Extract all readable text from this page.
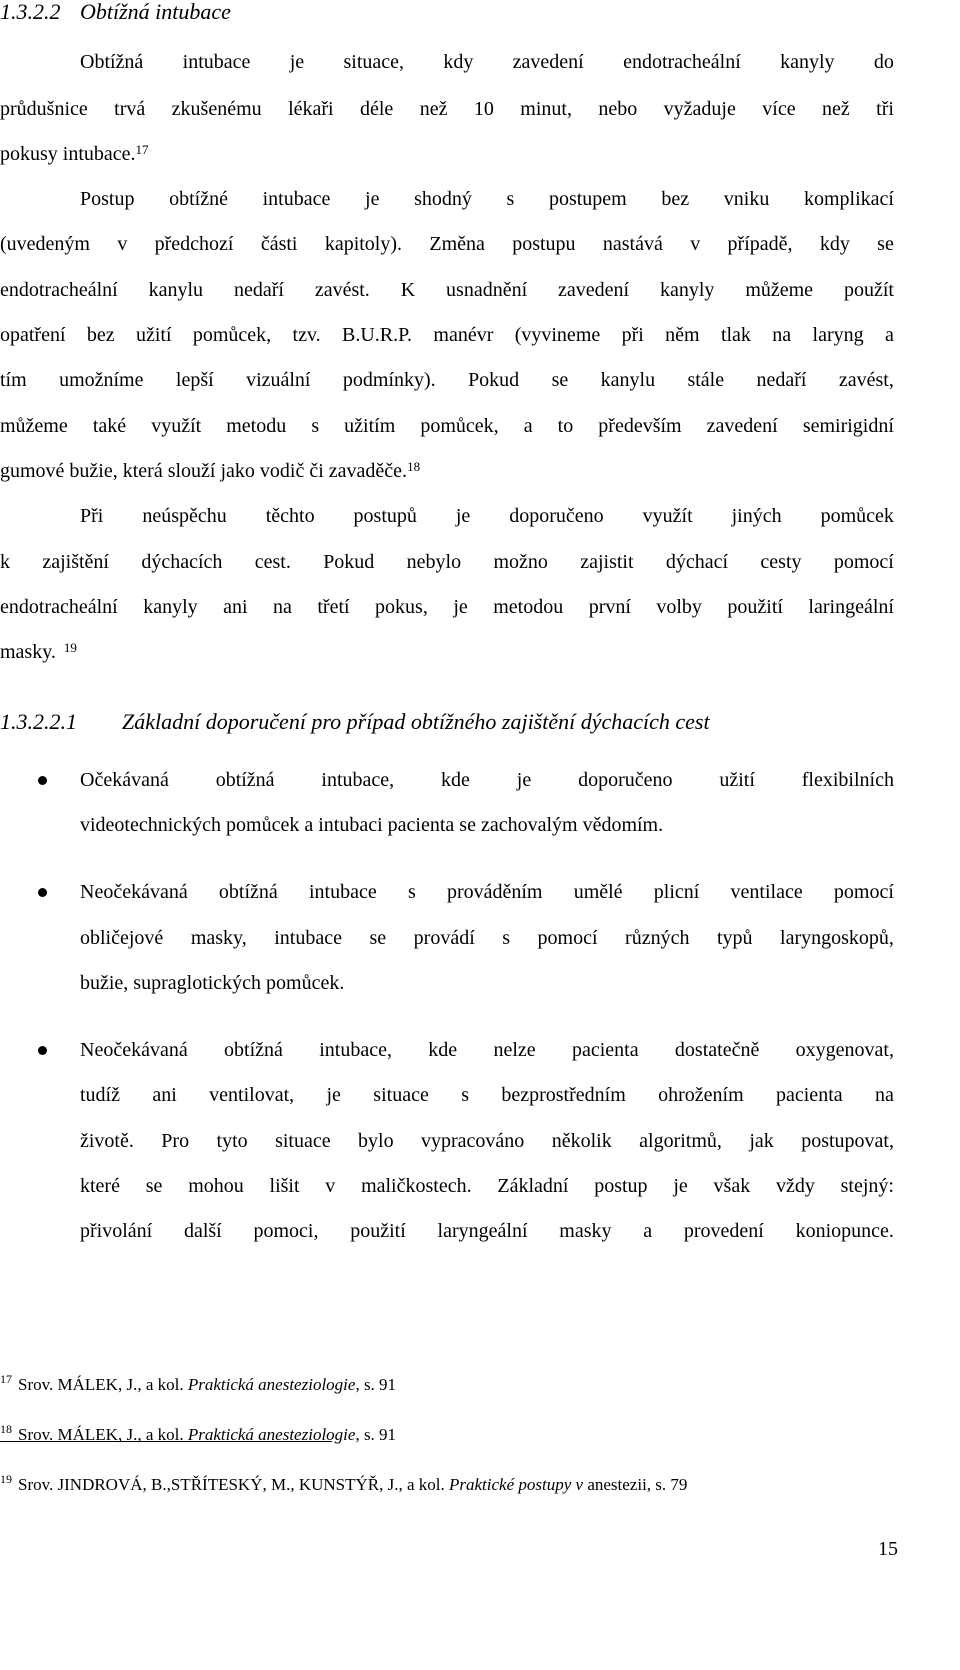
1.3.2.2 Obtížná intubace
Obtížná intubace je situace, kdy zavedení endotracheální kanyly do
průdušnice trvá zkušenému lékaři déle než 10 minut, nebo vyžaduje více než tři
pokusy intubace.$^{17}$
Postup obtížné intubace je shodný s postupem bez vniku komplikací
(uvedeným v předchozí části kapitoly). Změna postupu nastává v případě, kdy se
endotracheální kanylu nedaří zavést. K usnadnění zavedení kanyly můžeme použít
opatření bez užití pomůcek, tzv. B.U.R.P. manévr (vyvineme při něm tlak na laryng a
tím umožníme lepší vizuální podmínky). Pokud se kanylu stále nedaří zavést,
můžeme také využít metodu s užitím pomůcek, a to především zavedení semirigidní
gumové bužie, která slouží jako vodič či zavaděče.$^{18}$
Při neúspěchu těchto postupů je doporučeno využít jiných pomůcek
k zajištění dýchacích cest. Pokud nebylo možno zajistit dýchací cesty pomocí
endotracheální kanyly ani na třetí pokus, je metodou první volby použití laringeální
masky. $^{19}$
1.3.2.2.1 Základní doporučení pro případ obtížného zajištění dýchacích cest
Očekávaná obtížná intubace, kde je doporučeno užití flexibilních
videotechnických pomůcek a intubaci pacienta se zachovalým vědomím.
Neočekávaná obtížná intubace s prováděním umělé plicní ventilace pomocí
obličejové masky, intubace se provádí s pomocí různých typů laryngoskopů,
bužie, supraglotických pomůcek.
Neočekávaná obtížná intubace, kde nelze pacienta dostatečně oxygenovat,
tudíž ani ventilovat, je situace s bezprostředním ohrožením pacienta na
životě. Pro tyto situace bylo vypracováno několik algoritmů, jak postupovat,
které se mohou lišit v maličkostech. Základní postup je však vždy stejný:
přivolání další pomoci, použití laryngeální masky a provedení koniopunce.
$^{17}$ Srov. MÁLEK, J., a kol. Praktická anesteziologie, s. 91
$^{18}$ Srov. MÁLEK, J., a kol. Praktická anesteziologie, s. 91
$^{19}$ Srov. JINDROVÁ, B.,STŘÍTESKÝ, M., KUNSTÝŘ, J., a kol. Praktické postupy v anestezii, s. 79
15
